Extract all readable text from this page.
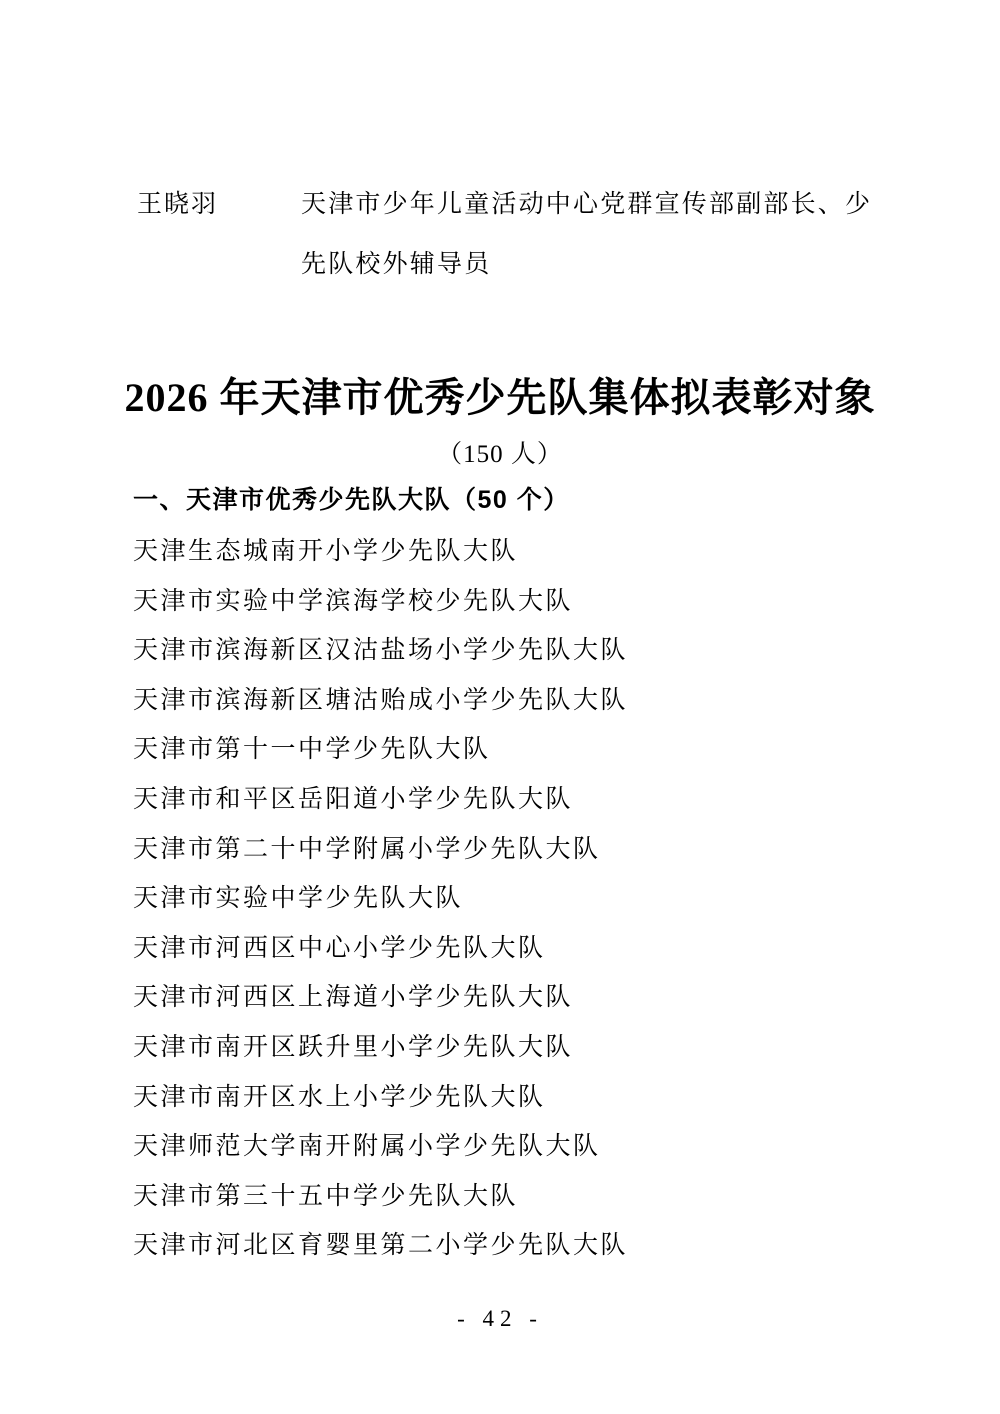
王晓羽	天津市少年儿童活动中心党群宣传部副部长、少
先队校外辅导员
2026 年天津市优秀少先队集体拟表彰对象
（150 人）
一、天津市优秀少先队大队（50 个）
天津生态城南开小学少先队大队
天津市实验中学滨海学校少先队大队
天津市滨海新区汉沽盐场小学少先队大队
天津市滨海新区塘沽贻成小学少先队大队
天津市第十一中学少先队大队
天津市和平区岳阳道小学少先队大队
天津市第二十中学附属小学少先队大队
天津市实验中学少先队大队
天津市河西区中心小学少先队大队
天津市河西区上海道小学少先队大队
天津市南开区跃升里小学少先队大队
天津市南开区水上小学少先队大队
天津师范大学南开附属小学少先队大队
天津市第三十五中学少先队大队
天津市河北区育婴里第二小学少先队大队
- 42 -
